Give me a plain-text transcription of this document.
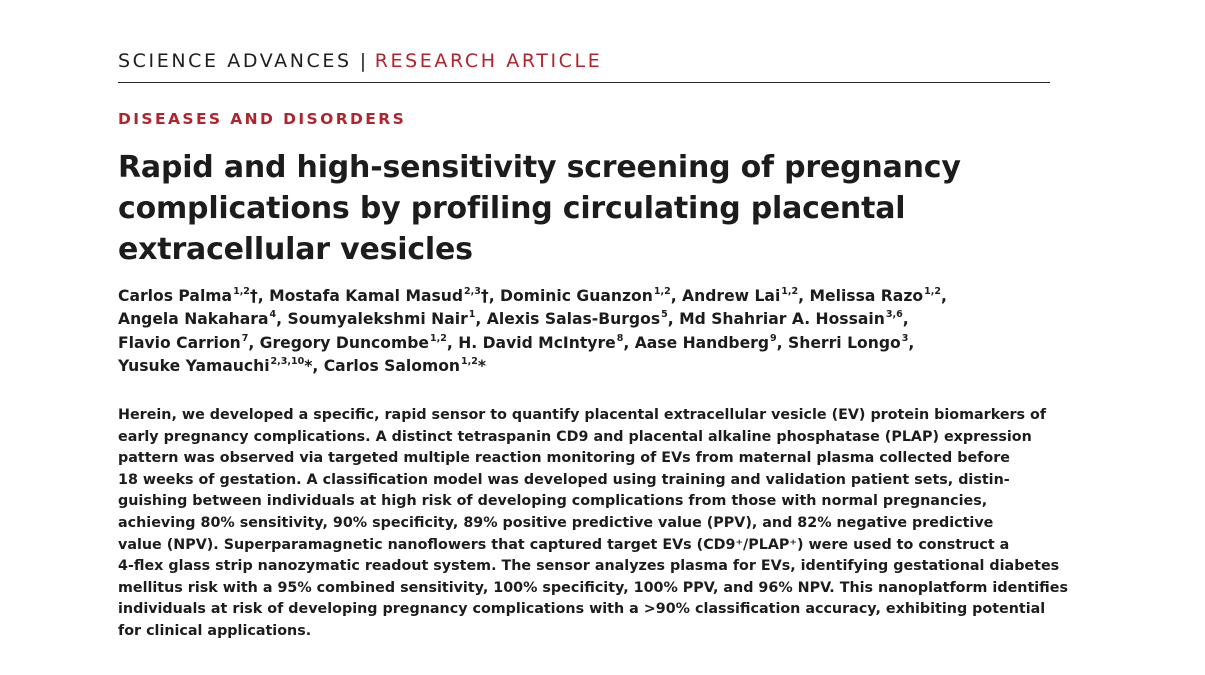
SCIENCE ADVANCES | RESEARCH ARTICLE
DISEASES AND DISORDERS
Rapid and high-sensitivity screening of pregnancy
complications by profiling circulating placental
extracellular vesicles
Carlos Palma$^{1,2}$†, Mostafa Kamal Masud$^{2,3}$†, Dominic Guanzon$^{1,2}$, Andrew Lai$^{1,2}$, Melissa Razo$^{1,2}$,
Angela Nakahara$^4$, Soumyalekshmi Nair$^1$, Alexis Salas-Burgos$^5$, Md Shahriar A. Hossain$^{3,6}$,
Flavio Carrion$^7$, Gregory Duncombe$^{1,2}$, H. David McIntyre$^8$, Aase Handberg$^9$, Sherri Longo$^3$,
Yusuke Yamauchi$^{2,3,10}$*, Carlos Salomon$^{1,2}$*
Herein, we developed a specific, rapid sensor to quantify placental extracellular vesicle (EV) protein biomarkers of
early pregnancy complications. A distinct tetraspanin CD9 and placental alkaline phosphatase (PLAP) expression
pattern was observed via targeted multiple reaction monitoring of EVs from maternal plasma collected before
18 weeks of gestation. A classification model was developed using training and validation patient sets, distin-
guishing between individuals at high risk of developing complications from those with normal pregnancies,
achieving 80% sensitivity, 90% specificity, 89% positive predictive value (PPV), and 82% negative predictive
value (NPV). Superparamagnetic nanoflowers that captured target EVs (CD9⁺/PLAP⁺) were used to construct a
4-flex glass strip nanozymatic readout system. The sensor analyzes plasma for EVs, identifying gestational diabetes
mellitus risk with a 95% combined sensitivity, 100% specificity, 100% PPV, and 96% NPV. This nanoplatform identifies
individuals at risk of developing pregnancy complications with a >90% classification accuracy, exhibiting potential
for clinical applications.
